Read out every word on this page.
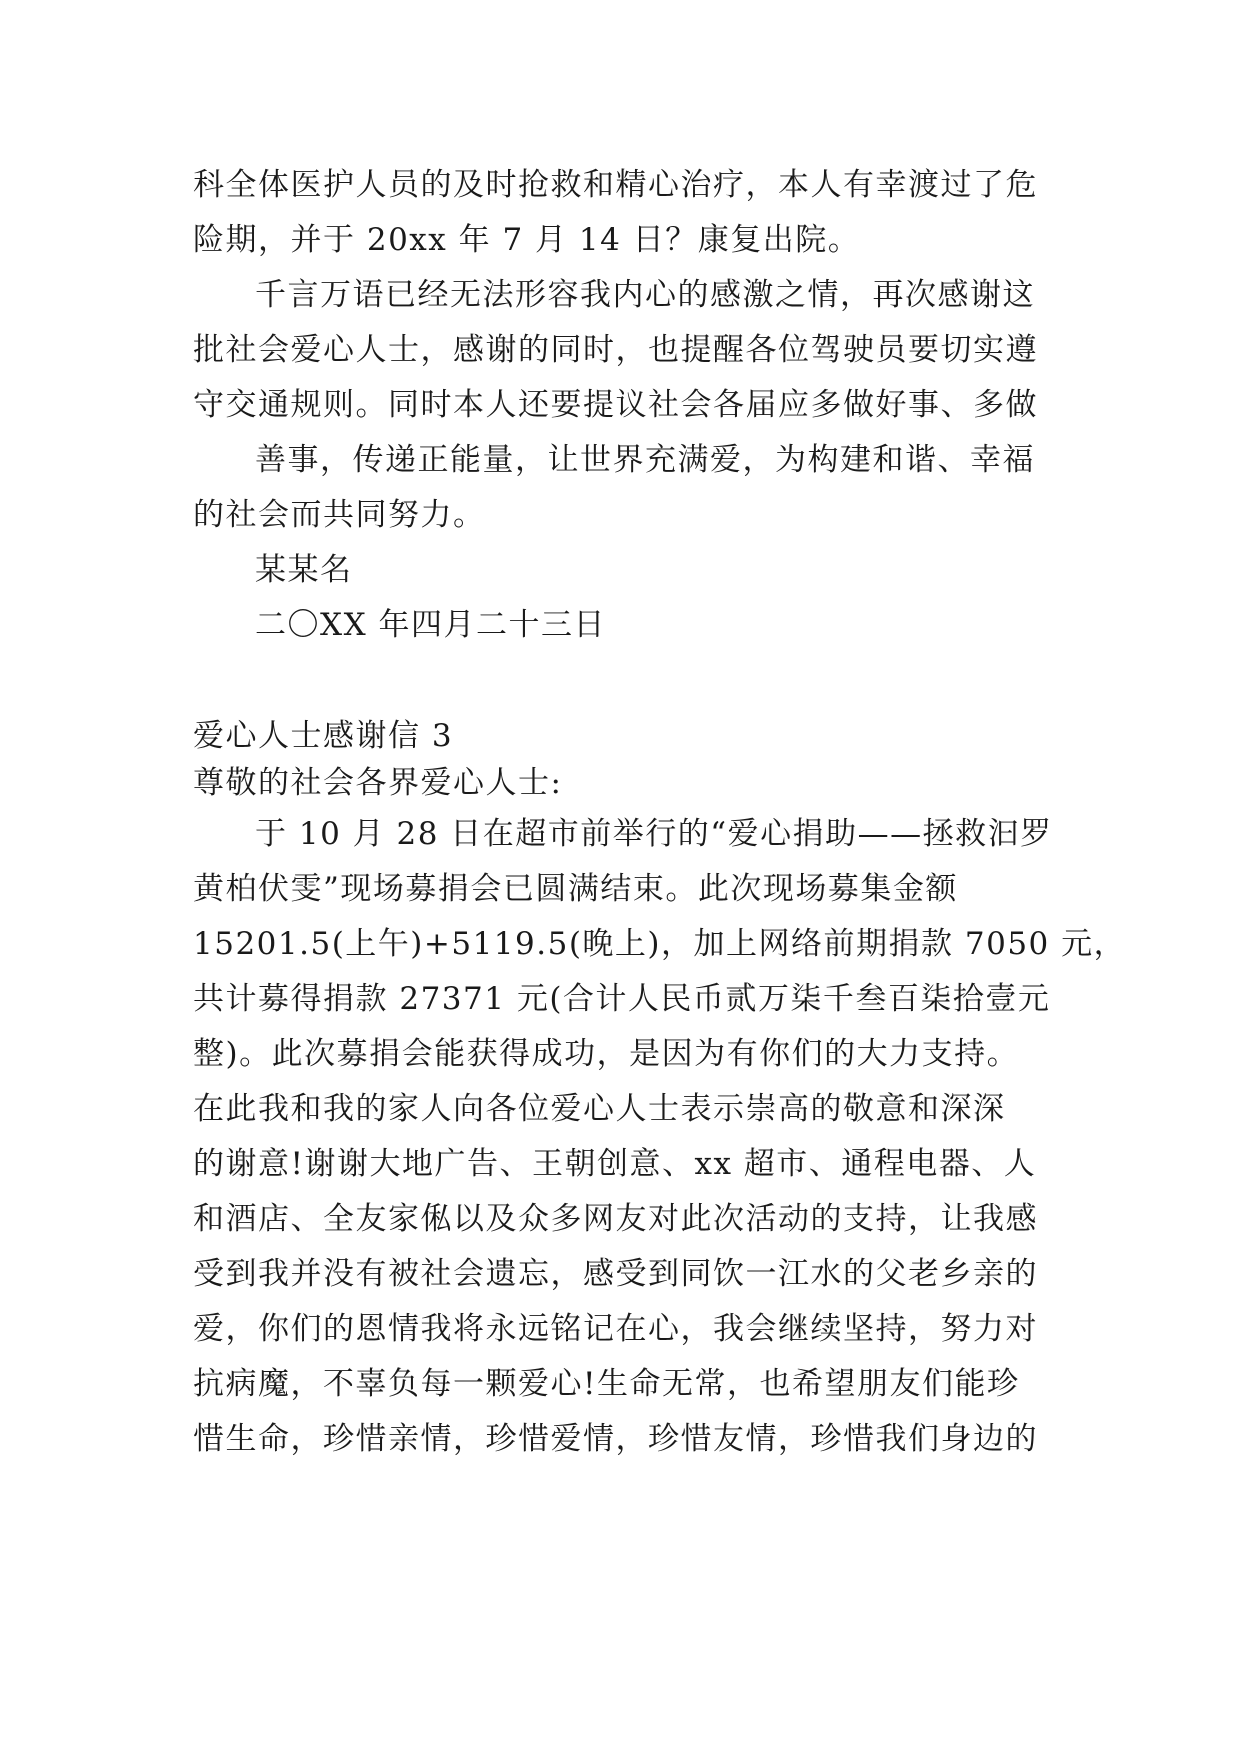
科全体医护人员的及时抢救和精心治疗，本人有幸渡过了危
险期，并于 20xx 年 7 月 14 日？康复出院。
千言万语已经无法形容我内心的感激之情，再次感谢这
批社会爱心人士，感谢的同时，也提醒各位驾驶员要切实遵
守交通规则。同时本人还要提议社会各届应多做好事、多做
善事，传递正能量，让世界充满爱，为构建和谐、幸福
的社会而共同努力。
某某名
二〇XX 年四月二十三日
爱心人士感谢信 3
尊敬的社会各界爱心人士:
于 10 月 28 日在超市前举行的“爱心捐助——拯救汩罗
黄柏伏雯”现场募捐会已圆满结束。此次现场募集金额
15201.5(上午)+5119.5(晚上)，加上网络前期捐款 7050 元，
共计募得捐款 27371 元(合计人民币贰万柒千叁百柒拾壹元
整)。此次募捐会能获得成功，是因为有你们的大力支持。
在此我和我的家人向各位爱心人士表示崇高的敬意和深深
的谢意!谢谢大地广告、王朝创意、xx 超市、通程电器、人
和酒店、全友家俬以及众多网友对此次活动的支持，让我感
受到我并没有被社会遗忘，感受到同饮一江水的父老乡亲的
爱，你们的恩情我将永远铭记在心，我会继续坚持，努力对
抗病魔，不辜负每一颗爱心!生命无常，也希望朋友们能珍
惜生命，珍惜亲情，珍惜爱情，珍惜友情，珍惜我们身边的
